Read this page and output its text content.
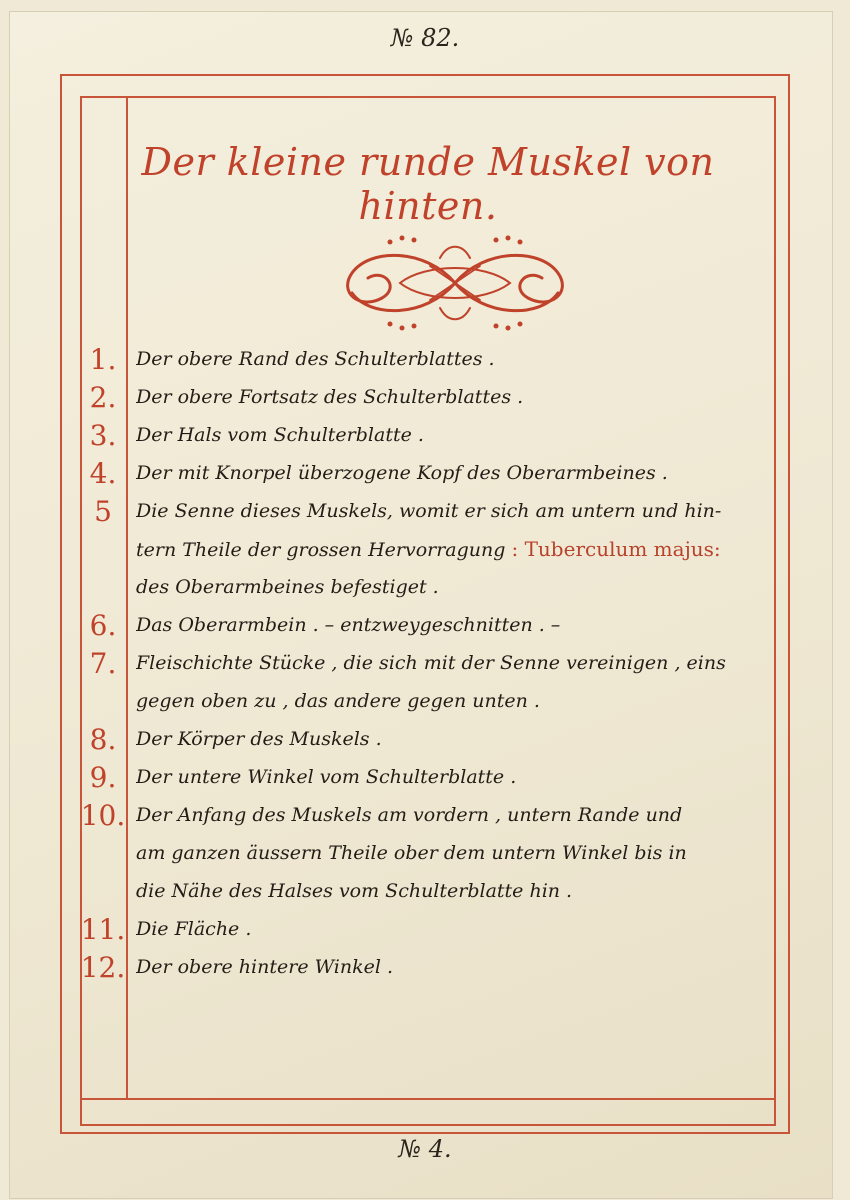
№ 82.
Der kleine runde Muskel von hinten.
1.	Der obere Rand des Schulterblattes .
2.	Der obere Fortsatz des Schulterblattes .
3.	Der Hals vom Schulterblatte .
4.	Der mit Knorpel überzogene Kopf des Oberarmbeines .
5	Die Senne dieses Muskels, womit er sich am untern und hin-
tern Theile der grossen Hervorragung : Tuberculum majus:
des Oberarmbeines befestiget .
6.	Das Oberarmbein . – entzweygeschnitten . –
7.	Fleischichte Stücke , die sich mit der Senne vereinigen , eins
gegen oben zu , das andere gegen unten .
8.	Der Körper des Muskels .
9.	Der untere Winkel vom Schulterblatte .
10. Der Anfang des Muskels am vordern , untern Rande und
am ganzen äussern Theile ober dem untern Winkel bis in
die Nähe des Halses vom Schulterblatte hin .
11. Die Fläche .
12. Der obere hintere Winkel .
№ 4.
